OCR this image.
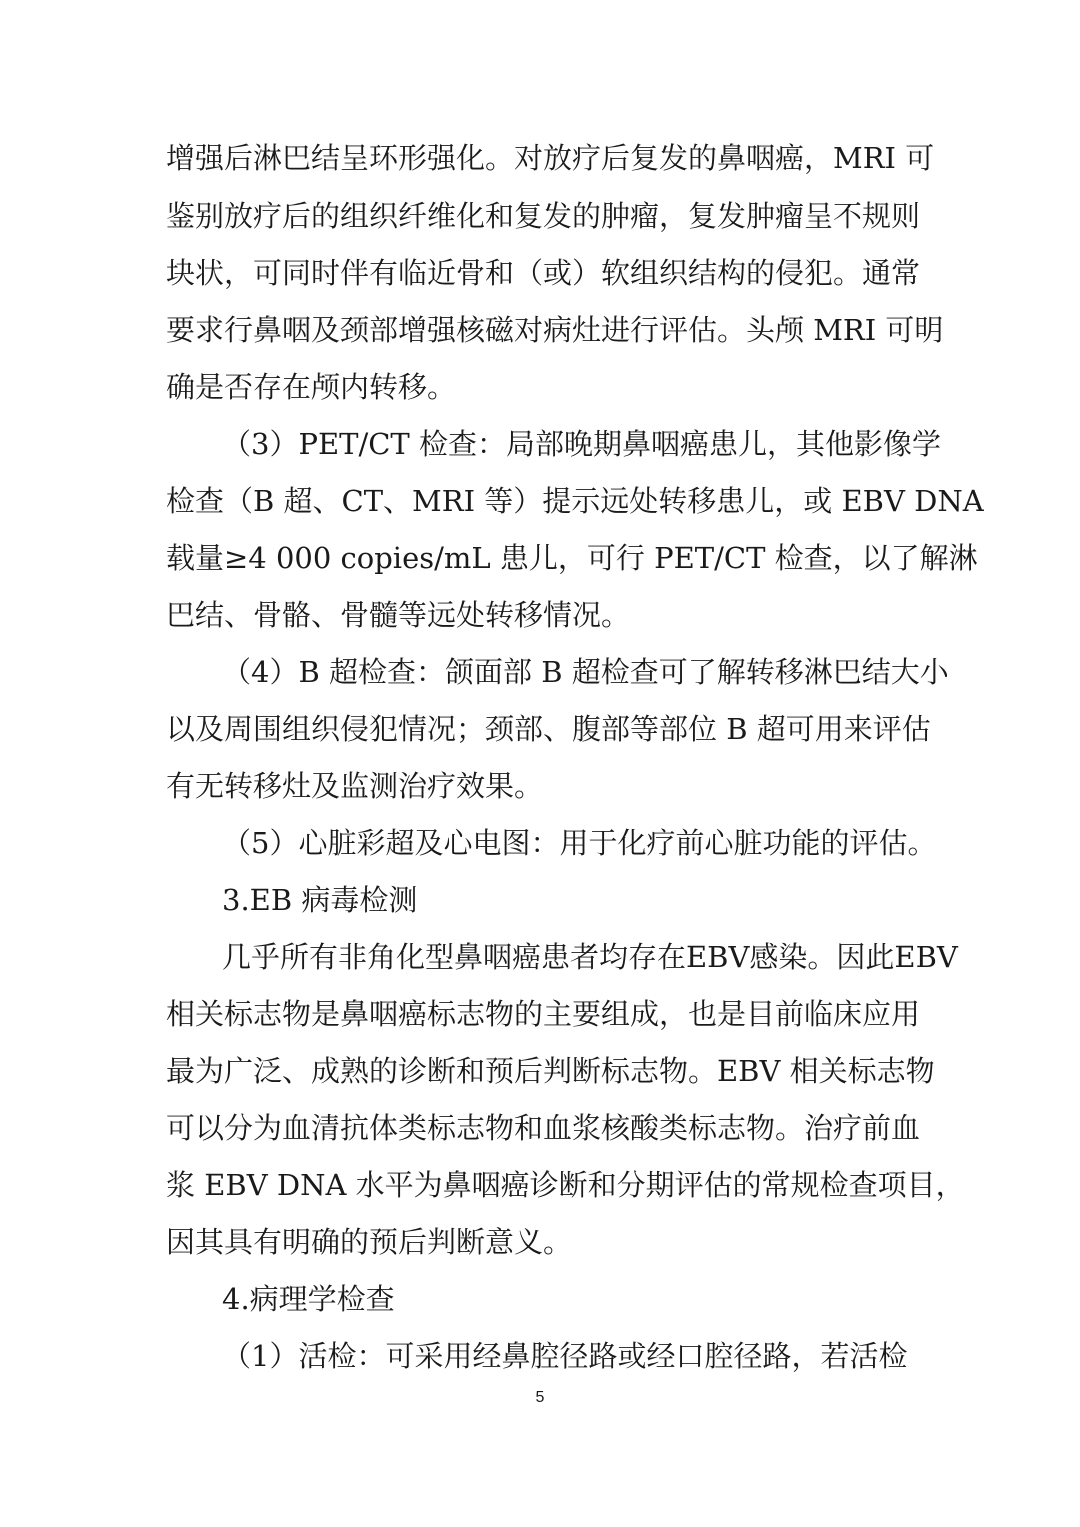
增强后淋巴结呈环形强化。对放疗后复发的鼻咽癌，MRI 可
鉴别放疗后的组织纤维化和复发的肿瘤，复发肿瘤呈不规则
块状，可同时伴有临近骨和（或）软组织结构的侵犯。通常
要求行鼻咽及颈部增强核磁对病灶进行评估。头颅 MRI 可明
确是否存在颅内转移。
（3）PET/CT 检查：局部晚期鼻咽癌患儿，其他影像学
检查（B 超、CT、MRI 等）提示远处转移患儿，或 EBV DNA
载量≥4 000 copies/mL 患儿，可行 PET/CT 检查，以了解淋
巴结、骨骼、骨髓等远处转移情况。
（4）B 超检查：颌面部 B 超检查可了解转移淋巴结大小
以及周围组织侵犯情况；颈部、腹部等部位 B 超可用来评估
有无转移灶及监测治疗效果。
（5）心脏彩超及心电图：用于化疗前心脏功能的评估。
3.EB 病毒检测
几乎所有非角化型鼻咽癌患者均存在EBV感染。因此EBV
相关标志物是鼻咽癌标志物的主要组成，也是目前临床应用
最为广泛、成熟的诊断和预后判断标志物。EBV 相关标志物
可以分为血清抗体类标志物和血浆核酸类标志物。治疗前血
浆 EBV DNA 水平为鼻咽癌诊断和分期评估的常规检查项目，
因其具有明确的预后判断意义。
4.病理学检查
（1）活检：可采用经鼻腔径路或经口腔径路，若活检
5
